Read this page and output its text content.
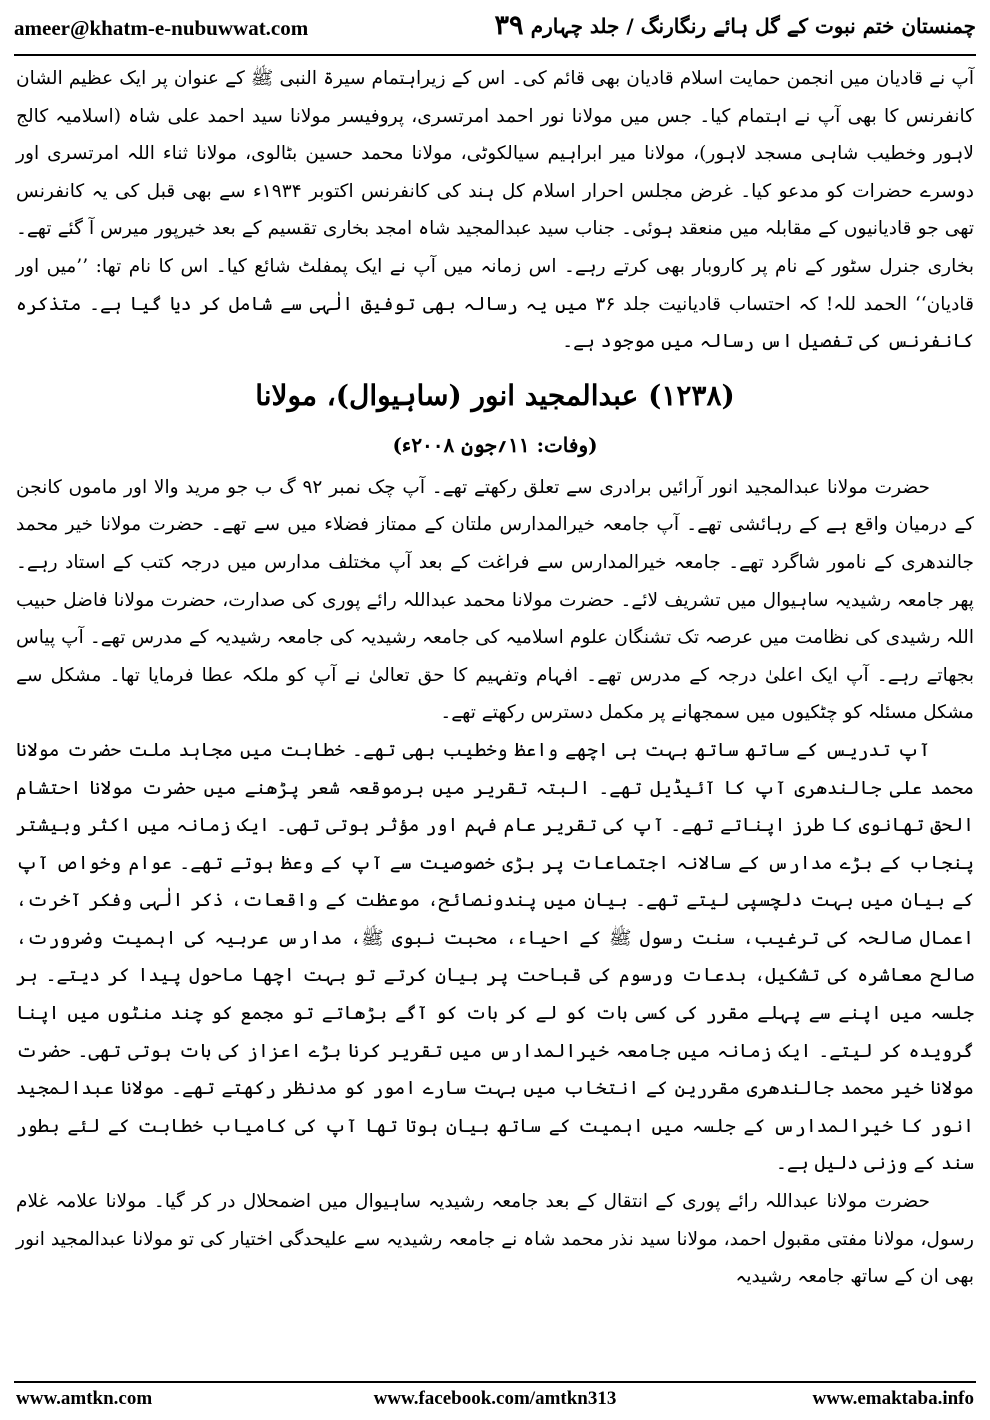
ameer@khatm-e-nubuwwat.com	۳۹ چمنستان ختم نبوت کے گل ہائے رنگارنگ / جلد چہارم

آپ نے قادیان میں انجمن حمایت اسلام قادیان بھی قائم کی۔ اس کے زیراہتمام سیرۃ النبی ﷺ کے عنوان پر ایک عظیم الشان کانفرنس کا بھی آپ نے اہتمام کیا۔ جس میں مولانا نور احمد امرتسری، پروفیسر مولانا سید احمد علی شاہ (اسلامیہ کالج لاہور وخطیب شاہی مسجد لاہور)، مولانا میر ابراہیم سیالکوٹی، مولانا محمد حسین بٹالوی، مولانا ثناء اللہ امرتسری اور دوسرے حضرات کو مدعو کیا۔ غرض مجلس احرار اسلام کل ہند کی کانفرنس اکتوبر ۱۹۳۴ء سے بھی قبل کی یہ کانفرنس تھی جو قادیانیوں کے مقابلہ میں منعقد ہوئی۔ جناب سید عبدالمجید شاہ امجد بخاری تقسیم کے بعد خیرپور میرس آ گئے تھے۔ بخاری جنرل سٹور کے نام پر کاروبار بھی کرتے رہے۔ اس زمانہ میں آپ نے ایک پمفلٹ شائع کیا۔ اس کا نام تھا: ’’میں اور قادیان‘‘ الحمد للہ! کہ احتساب قادیانیت جلد ۳۶ میں یہ رسالہ بھی توفیق الٰہی سے شامل کر دیا گیا ہے۔ متذکرہ کانفرنس کی تفصیل اس رسالہ میں موجود ہے۔

(۱۲۳۸) عبدالمجید انور (ساہیوال)، مولانا
(وفات: ۱۱؍جون ۲۰۰۸ء)

حضرت مولانا عبدالمجید انور آرائیں برادری سے تعلق رکھتے تھے۔ آپ چک نمبر ۹۲ گ ب جو مرید والا اور ماموں کانجن کے درمیان واقع ہے کے رہائشی تھے۔ آپ جامعہ خیرالمدارس ملتان کے ممتاز فضلاء میں سے تھے۔ حضرت مولانا خیر محمد جالندھری کے نامور شاگرد تھے۔ جامعہ خیرالمدارس سے فراغت کے بعد آپ مختلف مدارس میں درجہ کتب کے استاد رہے۔ پھر جامعہ رشیدیہ ساہیوال میں تشریف لائے۔ حضرت مولانا محمد عبداللہ رائے پوری کی صدارت، حضرت مولانا فاضل حبیب اللہ رشیدی کی نظامت میں عرصہ تک تشنگان علوم اسلامیہ کی جامعہ رشیدیہ کی جامعہ رشیدیہ کے مدرس تھے۔ آپ پیاس بجھاتے رہے۔ آپ ایک اعلیٰ درجہ کے مدرس تھے۔ افہام وتفہیم کا حق تعالیٰ نے آپ کو ملکہ عطا فرمایا تھا۔ مشکل سے مشکل مسئلہ کو چٹکیوں میں سمجھانے پر مکمل دسترس رکھتے تھے۔

آپ تدریس کے ساتھ ساتھ بہت ہی اچھے واعظ وخطیب بھی تھے۔ خطابت میں مجاہد ملت حضرت مولانا محمد علی جالندھری آپ کا آئیڈیل تھے۔ البتہ تقریر میں برموقعہ شعر پڑھنے میں حضرت مولانا احتشام الحق تھانوی کا طرز اپناتے تھے۔ آپ کی تقریر عام فہم اور مؤثر ہوتی تھی۔ ایک زمانہ میں اکثر وبیشتر پنجاب کے بڑے مدارس کے سالانہ اجتماعات پر بڑی خصوصیت سے آپ کے وعظ ہوتے تھے۔ عوام وخواص آپ کے بیان میں بہت دلچسپی لیتے تھے۔ بیان میں پندونصائح، موعظت کے واقعات، ذکر الٰہی وفکر آخرت، اعمال صالحہ کی ترغیب، سنت رسول ﷺ کے احیاء، محبت نبوی ﷺ، مدارس عربیہ کی اہمیت وضرورت، صالح معاشرہ کی تشکیل، بدعات ورسوم کی قباحت پر بیان کرتے تو بہت اچھا ماحول پیدا کر دیتے۔ ہر جلسہ میں اپنے سے پہلے مقرر کی کسی بات کو لے کر بات کو آگے بڑھاتے تو مجمع کو چند منٹوں میں اپنا گرویدہ کر لیتے۔ ایک زمانہ میں جامعہ خیرالمدارس میں تقریر کرنا بڑے اعزاز کی بات ہوتی تھی۔ حضرت مولانا خیر محمد جالندھری مقررین کے انتخاب میں بہت سارے امور کو مدنظر رکھتے تھے۔ مولانا عبدالمجید انور کا خیرالمدارس کے جلسہ میں اہمیت کے ساتھ بیان ہوتا تھا آپ کی کامیاب خطابت کے لئے بطور سند کے وزنی دلیل ہے۔

حضرت مولانا عبداللہ رائے پوری کے انتقال کے بعد جامعہ رشیدیہ ساہیوال میں اضمحلال در کر گیا۔ مولانا علامہ غلام رسول، مولانا مفتی مقبول احمد، مولانا سید نذر محمد شاہ نے جامعہ رشیدیہ سے علیحدگی اختیار کی تو مولانا عبدالمجید انور بھی ان کے ساتھ جامعہ رشیدیہ

www.amtkn.com	www.facebook.com/amtkn313	www.emaktaba.info
